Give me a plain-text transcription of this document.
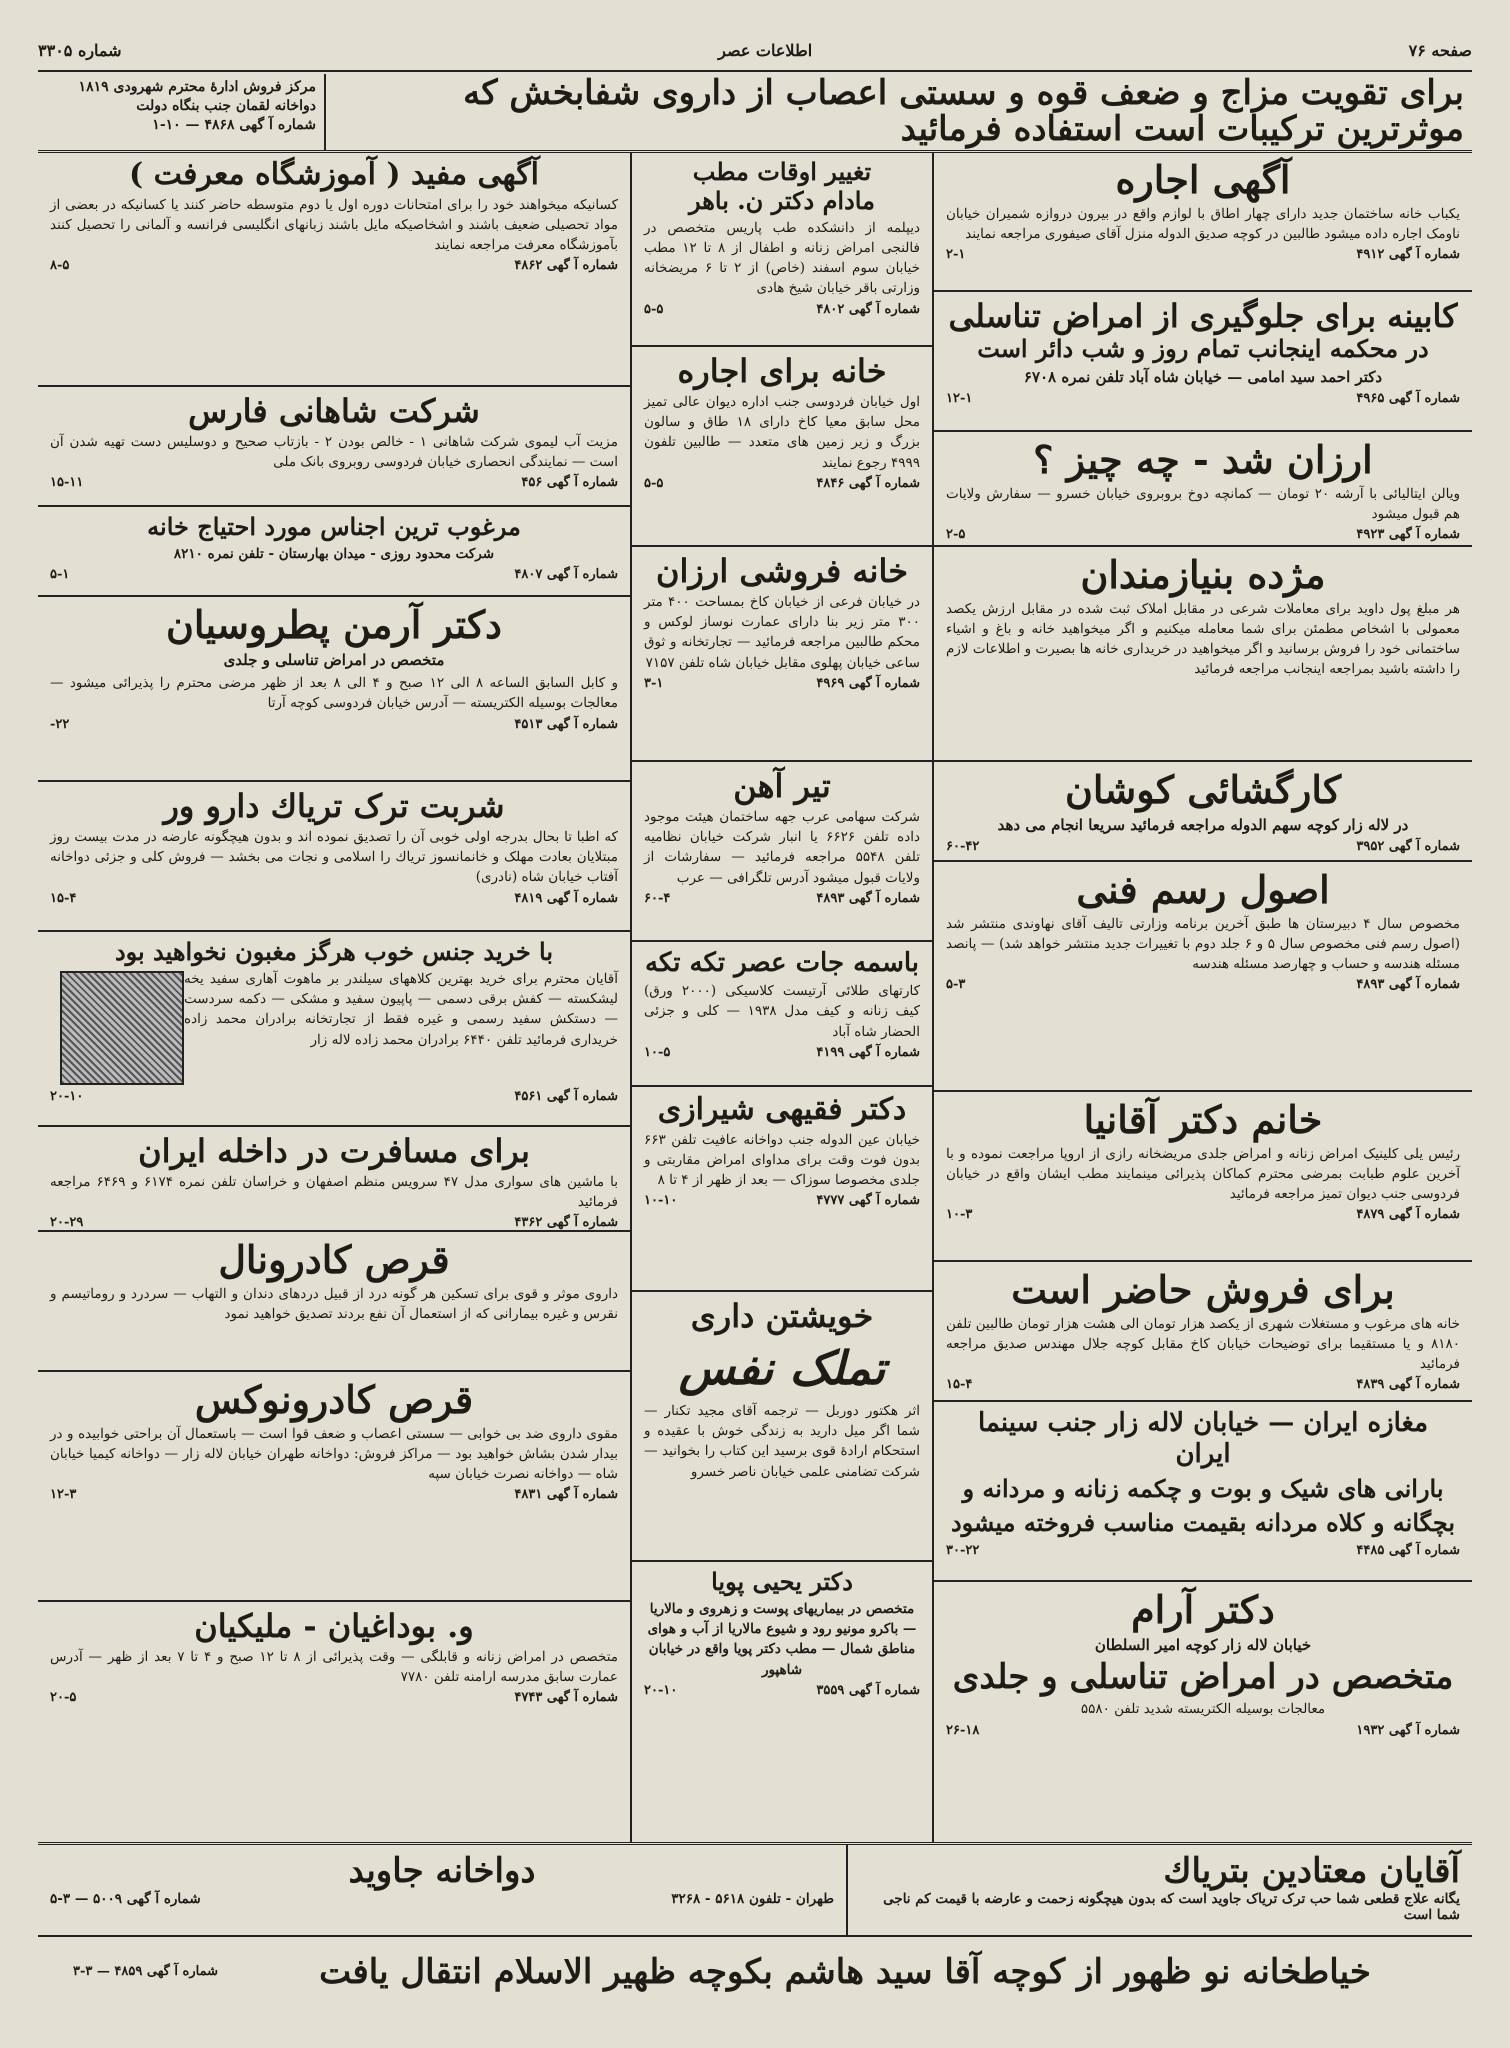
صفحه ۷۶
اطلاعات عصر
شماره ۳۳۰۵
برای تقویت مزاج و ضعف قوه و سستی اعصاب از داروی شفابخش که موثرترین ترکیبات است استفاده فرمائید
مرکز فروش ادارهٔ محترم شهرودی ۱۸۱۹
دواخانه لقمان جنب بنگاه دولت
شماره آ گهی ۴۸۶۸ — ۱۰-۱
آگهی اجاره

یکباب خانه ساختمان جدید دارای چهار اطاق با لوازم واقع در بیرون دروازه شمیران خیابان ناومک اجاره داده میشود طالبین در کوچه صدیق الدوله منزل آقای صیفوری مراجعه نمایند

شماره آ گهی ۴۹۱۲
۲-۱
کابینه برای جلوگیری از امراض تناسلی
در محکمه اینجانب تمام روز و شب دائر است

دکتر احمد سید امامی — خیابان شاه آباد تلفن نمره ۶۷۰۸

شماره آ گهی ۴۹۶۵
۱۲-۱
ارزان شد - چه چیز ؟

ویالن ایتالیائی با آرشه ۲۰ تومان — کمانچه دوخ بروبروی خیابان خسرو — سفارش ولایات هم قبول میشود

شماره آ گهی ۴۹۲۳
۲-۵
مژده بنیازمندان

هر مبلغ پول داوید برای معاملات شرعی در مقابل املاک ثبت شده در مقابل ارزش یکصد معمولی با اشخاص مطمئن برای شما معامله میکنیم و اگر میخواهید خانه و باغ و اشیاء ساختمانی خود را فروش برسانید و اگر میخواهید در خریداری خانه ها بصیرت و اطلاعات لازم را داشته باشید بمراجعه اینجانب مراجعه فرمائید

کارگشائی کوشان

در لاله زار کوچه سهم الدوله مراجعه فرمائید سریعا انجام می دهد

شماره آ گهی ۳۹۵۲
۶۰-۴۲
اصول رسم فنی

مخصوص سال ۴ دبیرستان ها طبق آخرین برنامه وزارتی تالیف آقای نهاوندی منتشر شد (اصول رسم فنی مخصوص سال ۵ و ۶ جلد دوم با تغییرات جدید منتشر خواهد شد) — پانصد مسئله هندسه و حساب و چهارصد مسئله هندسه

شماره آ گهی ۴۸۹۳
۵-۳
خانم دکتر آقانیا

رئیس یلی کلینیک امراض زنانه و امراض جلدی مریضخانه رازی از اروپا مراجعت نموده و با آخرین علوم طبابت بمرضی محترم کماکان پذیرائی مینمایند مطب ایشان واقع در خیابان فردوسی جنب دیوان تمیز مراجعه فرمائید

شماره آ گهی ۴۸۷۹
۱۰-۳
برای فروش حاضر است

خانه های مرغوب و مستغلات شهری از یکصد هزار تومان الی هشت هزار تومان طالبین تلفن ۸۱۸۰ و یا مستقیما برای توضیحات خیابان کاخ مقابل کوچه جلال مهندس صدیق مراجعه فرمائید

شماره آ گهی ۴۸۳۹
۱۵-۴
مغازه ایران — خیابان لاله زار جنب سینما ایران

بارانی های شیک و بوت و چکمه زنانه و مردانه و بچگانه و کلاه مردانه بقیمت مناسب فروخته میشود

شماره آ گهی ۴۴۸۵
۳۰-۲۲
دکتر آرام

خیابان لاله زار کوچه امیر السلطان

متخصص در امراض تناسلی و جلدی

معالجات بوسیله الکتریسته شدید تلفن ۵۵۸۰

شماره آ گهی ۱۹۳۲
۲۶-۱۸
تغییر اوقات مطب
مادام دکتر ن. باهر

دیپلمه از دانشکده طب پاریس متخصص در فالنجی امراض زنانه و اطفال از ۸ تا ۱۲ مطب خیابان سوم اسفند (خاص) از ۲ تا ۶ مریضخانه وزارتی باقر خیابان شیخ هادی

شماره آ گهی ۴۸۰۲
۵-۵
خانه برای اجاره

اول خیابان فردوسی جنب اداره دیوان عالی تمیز محل سابق معیا کاخ دارای ۱۸ طاق و سالون بزرگ و زیر زمین های متعدد — طالبین تلفون ۴۹۹۹ رجوع نمایند

شماره آ گهی ۴۸۴۶
۵-۵
خانه فروشی ارزان

در خیابان فرعی از خیابان کاخ بمساحت ۴۰۰ متر ۳۰۰ متر زیر بنا دارای عمارت نوساز لوکس و محکم طالبین مراجعه فرمائید — تجارتخانه و ثوق ساعی خیابان پهلوی مقابل خیابان شاه تلفن ۷۱۵۷

شماره آ گهی ۴۹۶۹
۳-۱
تیر آهن

شرکت سهامی عرب جهه ساختمان هیئت موجود داده تلفن ۶۶۲۶ یا انبار شرکت خیابان نظامیه تلفن ۵۵۴۸ مراجعه فرمائید — سفارشات از ولایات قبول میشود آدرس تلگرافی — عرب

شماره آ گهی ۴۸۹۳
۶۰-۴
باسمه جات عصر تکه تکه

کارتهای طلائی آرتیست کلاسیکی (۲۰۰۰ ورق) کیف زنانه و کیف مدل ۱۹۳۸ — کلی و جزئی الحضار شاه آباد

شماره آ گهی ۴۱۹۹
۱۰-۵
دکتر فقیهی شیرازی

خیابان عین الدوله جنب دواخانه عافیت تلفن ۶۶۳ بدون فوت وقت برای مداوای امراض مقاربتی و جلدی مخصوصا سوزاک — بعد از ظهر از ۴ تا ۸

شماره آ گهی ۴۷۷۷
۱۰-۱۰
خویشتن داری
تملک نفس

اثر هکتور دوربل — ترجمه آقای مجید تکنار — شما اگر میل دارید به زندگی خوش با عقیده و استحکام ارادهٔ قوی برسید این کتاب را بخوانید — شرکت تضامنی علمی خیابان ناصر خسرو

دکتر یحیی پویا

متخصص در بیماریهای پوست و زهروی و مالاریا — باکرو مونیو رود و شیوع مالاریا از آب و هوای مناطق شمال — مطب دکتر پویا واقع در خیابان شاهپور

شماره آ گهی ۳۵۵۹
۲۰-۱۰
آگهی مفید ( آموزشگاه معرفت )

کسانیکه میخواهند خود را برای امتحانات دوره اول یا دوم متوسطه حاضر کنند یا کسانیکه در بعضی از مواد تحصیلی ضعیف باشند و اشخاصیکه مایل باشند زبانهای انگلیسی فرانسه و آلمانی را تحصیل کنند بآموزشگاه معرفت مراجعه نمایند

شماره آ گهی ۴۸۶۲
۸-۵
شرکت شاهانی فارس

مزیت آب لیموی شرکت شاهانی ۱ - خالص بودن ۲ - بازتاب صحیح و دوسلیس دست تهیه شدن آن است — نمایندگی انحصاری خیابان فردوسی روبروی بانک ملی

شماره آ گهی ۴۵۶
۱۵-۱۱
مرغوب ترین اجناس مورد احتیاج خانه

شرکت محدود روزی - میدان بهارستان - تلفن نمره ۸۲۱۰

شماره آ گهی ۴۸۰۷
۵-۱
دکتر آرمن پطروسیان

متخصص در امراض تناسلی و جلدی

و کابل السابق الساعه ۸ الی ۱۲ صبح و ۴ الی ۸ بعد از ظهر مرضی محترم را پذیرائی میشود — معالجات بوسیله الکتریسته — آدرس خیابان فردوسی کوچه آرتا

شماره آ گهی ۴۵۱۳
۲۲-
شربت ترک تریاك دارو ور

که اطبا تا بحال بدرجه اولی خوبی آن را تصدیق نموده اند و بدون هیچگونه عارضه در مدت بیست روز مبتلایان بعادت مهلک و خانمانسوز تریاك را اسلامی و نجات می بخشد — فروش کلی و جزئی دواخانه آفتاب خیابان شاه (نادری)

شماره آ گهی ۴۸۱۹
۱۵-۴
با خرید جنس خوب هرگز مغبون نخواهید بود

آقایان محترم برای خرید بهترین کلاههای سیلندر بر ماهوت آهاری سفید یخه لیشکسته — کفش برقی دسمی — پاپیون سفید و مشکی — دکمه سردست — دستکش سفید رسمی و غیره فقط از تجارتخانه برادران محمد زاده خریداری فرمائید تلفن ۶۴۴۰ برادران محمد زاده لاله زار

شماره آ گهی ۴۵۶۱
۲۰-۱۰
برای مسافرت در داخله ایران

با ماشین های سواری مدل ۴۷ سرویس منظم اصفهان و خراسان تلفن نمره ۶۱۷۴ و ۶۴۶۹ مراجعه فرمائید

شماره آ گهی ۴۳۶۲
۲۰-۲۹
قرص کادرونال

داروی موثر و قوی برای تسکین هر گونه درد از قبیل دردهای دندان و التهاب — سردرد و روماتیسم و نقرس و غیره بیمارانی که از استعمال آن نفع بردند تصدیق خواهید نمود

قرص کادرونوکس

مقوی داروی ضد بی خوابی — سستی اعصاب و ضعف قوا است — باستعمال آن براحتی خوابیده و در بیدار شدن بشاش خواهید بود — مراکز فروش: دواخانه طهران خیابان لاله زار — دواخانه کیمیا خیابان شاه — دواخانه نصرت خیابان سپه

شماره آ گهی ۴۸۳۱
۱۲-۳
و. بوداغیان - ملیکیان

متخصص در امراض زنانه و قابلگی — وقت پذیرائی از ۸ تا ۱۲ صبح و ۴ تا ۷ بعد از ظهر — آدرس عمارت سابق مدرسه ارامنه تلفن ۷۷۸۰

شماره آ گهی ۴۷۴۳
۲۰-۵
آقایان معتادین بتریاك
یگانه علاج قطعی شما حب ترک تریاک جاوید است که بدون هیچگونه زحمت و عارضه با قیمت کم ناجی شما است
دواخانه جاوید
طهران - تلفون ۵۶۱۸ - ۳۲۶۸
شماره آ گهی ۵۰۰۹ — ۳-۵
خیاطخانه نو ظهور از کوچه آقا سید هاشم بکوچه ظهیر الاسلام انتقال یافت
شماره آ گهی ۴۸۵۹ — ۳-۳
